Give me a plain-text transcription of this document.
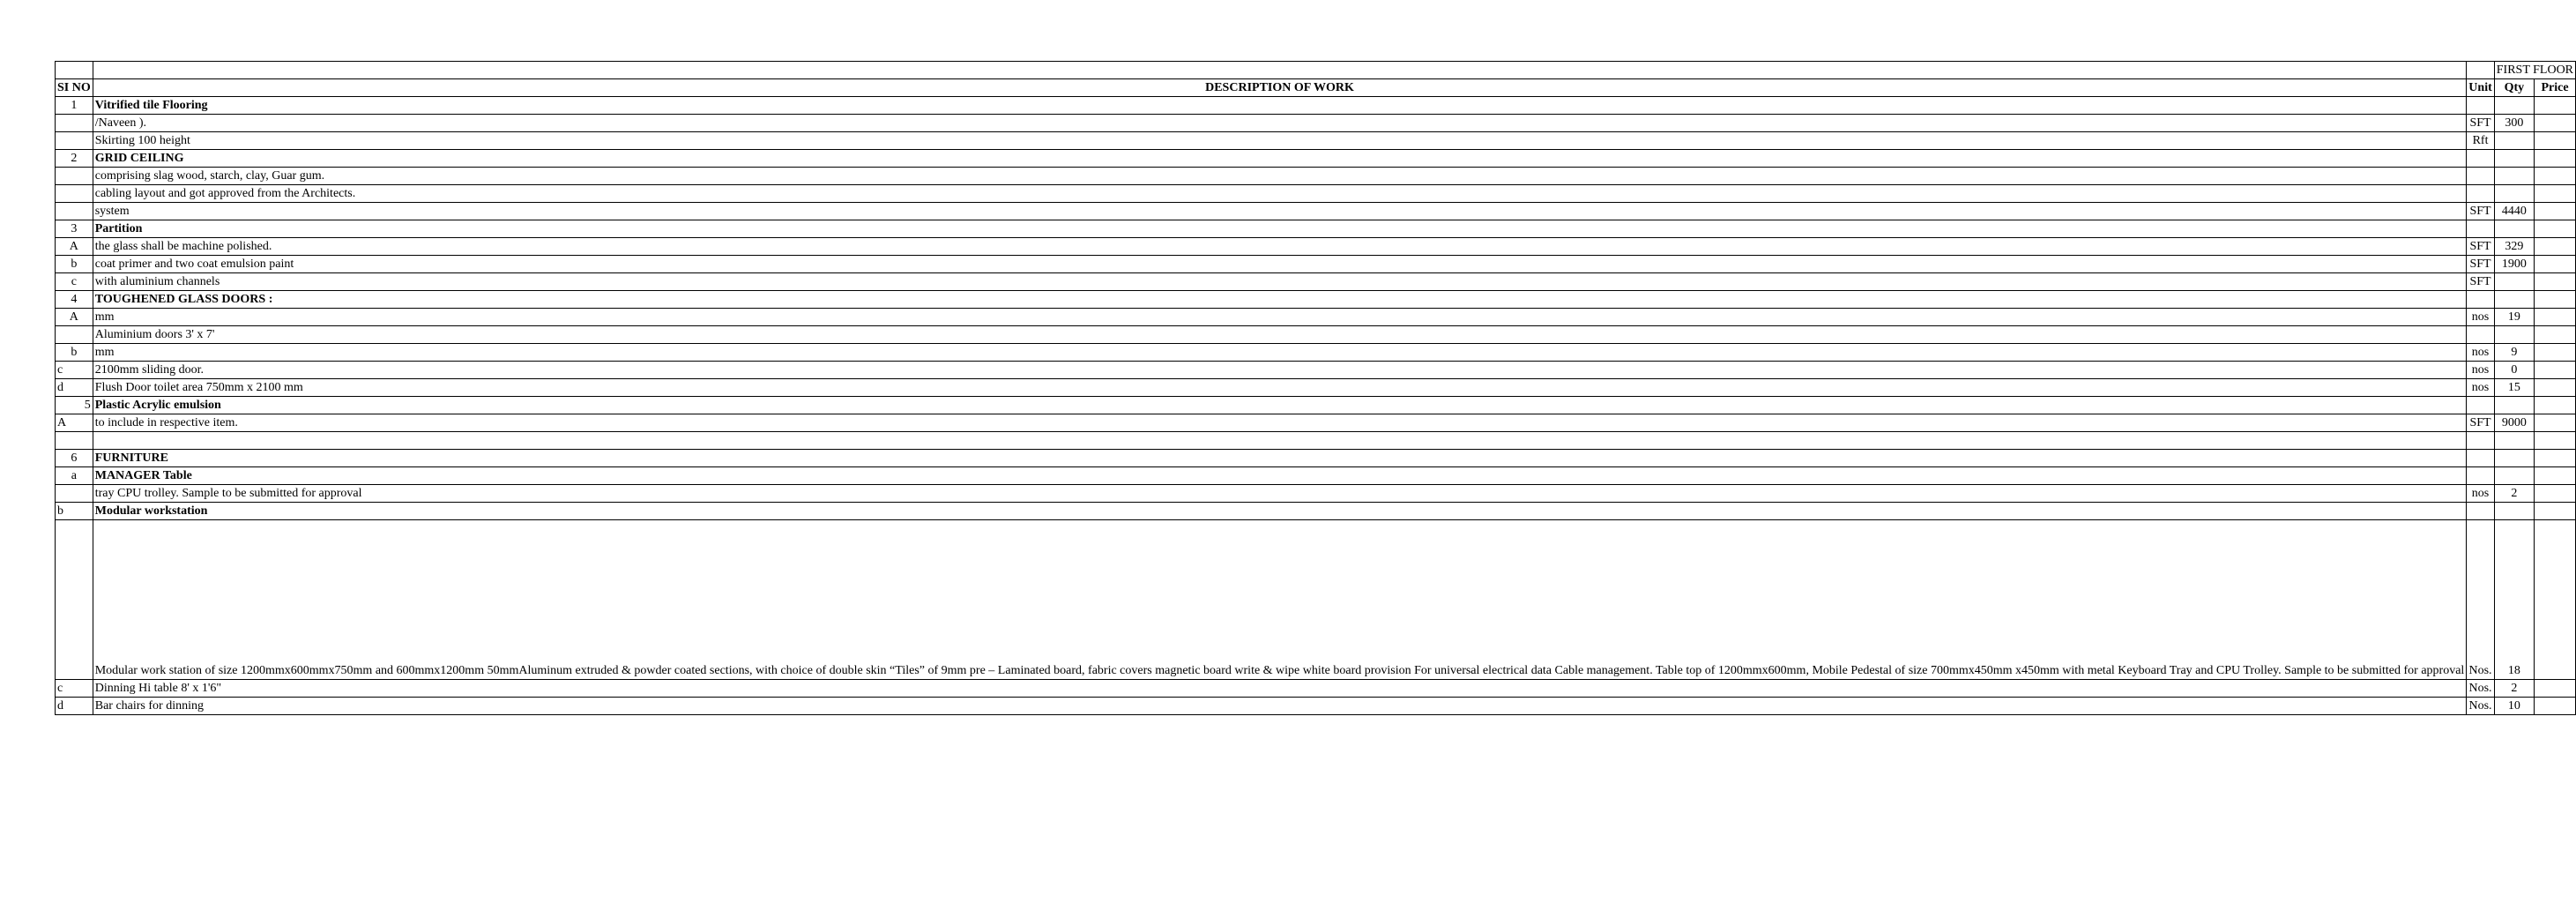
			FIRST FLOOR	
SI NO	DESCRIPTION OF WORK	Unit	Qty	Price
1	Vitrified tile Flooring			
	/Naveen ).	SFT	300	
	Skirting 100 height	Rft		
2	GRID CEILING			
	comprising slag wood, starch, clay, Guar gum.			
	cabling layout and got approved from the Architects.			
	system	SFT	4440	
3	Partition			
A	the glass shall be machine polished.	SFT	329	
b	coat primer and two coat emulsion paint	SFT	1900	
c	with aluminium channels	SFT		
4	TOUGHENED GLASS DOORS :			
A	mm	nos	19	
	Aluminium doors 3' x 7'			
b	mm	nos	9	
c	2100mm sliding door.	nos	0	
d	Flush Door toilet area 750mm x 2100 mm	nos	15	
5	Plastic Acrylic emulsion			
A	to include in respective item.	SFT	9000	

6	FURNITURE			
a	MANAGER Table			
	tray CPU trolley. Sample to be submitted for approval	nos	2	
b	Modular workstation			
	Modular work station of size 1200mmx600mmx750mm and 600mmx1200mm 50mmAluminum extruded & powder coated sections, with choice of double skin “Tiles” of 9mm pre – Laminated board, fabric covers magnetic board write & wipe white board provision For universal electrical data Cable management. Table top of 1200mmx600mm, Mobile Pedestal of size 700mmx450mm x450mm with metal Keyboard Tray and CPU Trolley. Sample to be submitted for approval	Nos.	18	
c	Dinning Hi table 8' x 1'6"	Nos.	2	
d	Bar chairs for dinning	Nos.	10	
